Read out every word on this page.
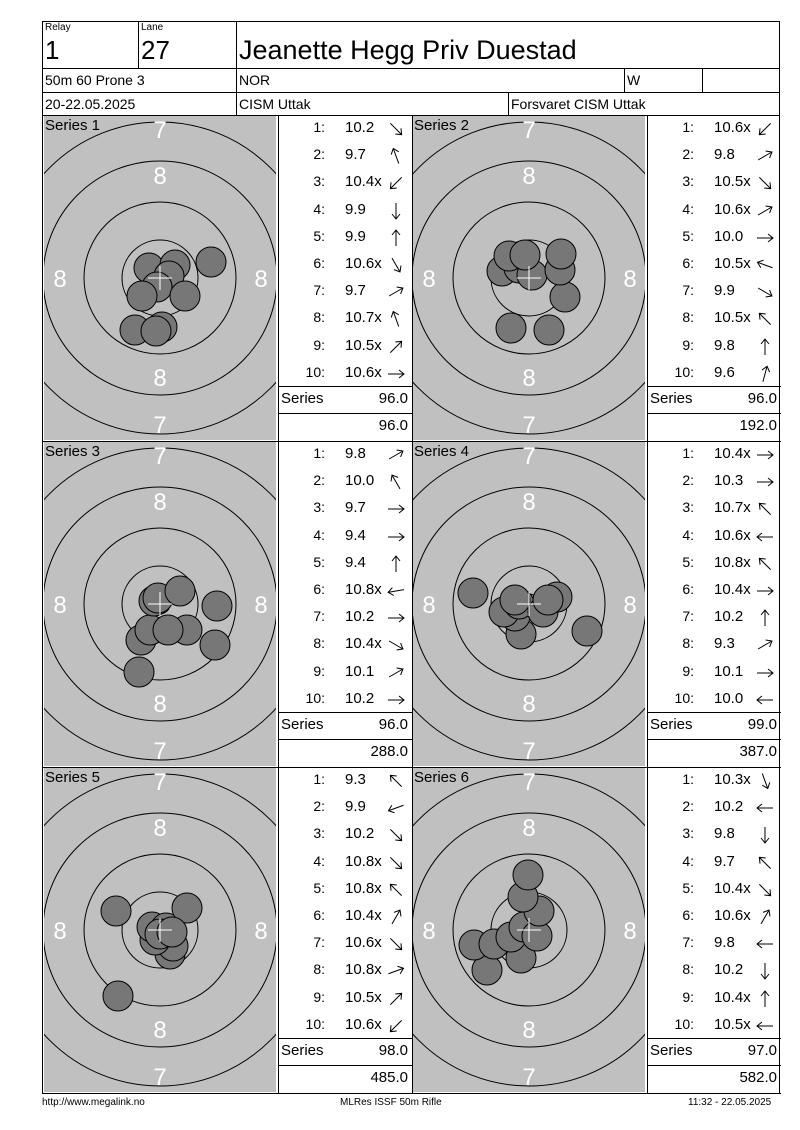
Relay
1
Lane
27	Jeanette Hegg Priv Duestad
50m 60 Prone 3	NOR	W
20-22.05.2025	CISM Uttak	Forsvaret CISM Uttak
7
8
8
7
8	8
Series 1	1: 10.2
2: 9.7
3: 10.4x
4: 9.9
5: 9.9
6: 10.6x
7: 9.7
8: 10.7x
9: 10.5x
10: 10.6x
Series	96.0
96.0
7
8
8
7
8	8
Series 2	1: 10.6x
2: 9.8
3: 10.5x
4: 10.6x
5: 10.0
6: 10.5x
7: 9.9
8: 10.5x
9: 9.8
10: 9.6
Series	96.0
192.0
7
8
8
7
8	8
Series 3	1: 9.8
2: 10.0
3: 9.7
4: 9.4
5: 9.4
6: 10.8x
7: 10.2
8: 10.4x
9: 10.1
10: 10.2
Series	96.0
288.0
7
8
8
7
8	8
Series 4	1: 10.4x
2: 10.3
3: 10.7x
4: 10.6x
5: 10.8x
6: 10.4x
7: 10.2
8: 9.3
9: 10.1
10: 10.0
Series	99.0
387.0
7
8
8
7
8	8
Series 5	1: 9.3
2: 9.9
3: 10.2
4: 10.8x
5: 10.8x
6: 10.4x
7: 10.6x
8: 10.8x
9: 10.5x
10: 10.6x
Series	98.0
485.0
7
8
8
7
8	8
Series 6	1: 10.3x
2: 10.2
3: 9.8
4: 9.7
5: 10.4x
6: 10.6x
7: 9.8
8: 10.2
9: 10.4x
10: 10.5x
Series	97.0
582.0
http://www.megalink.no	MLRes ISSF 50m Rifle	11:32 - 22.05.2025
